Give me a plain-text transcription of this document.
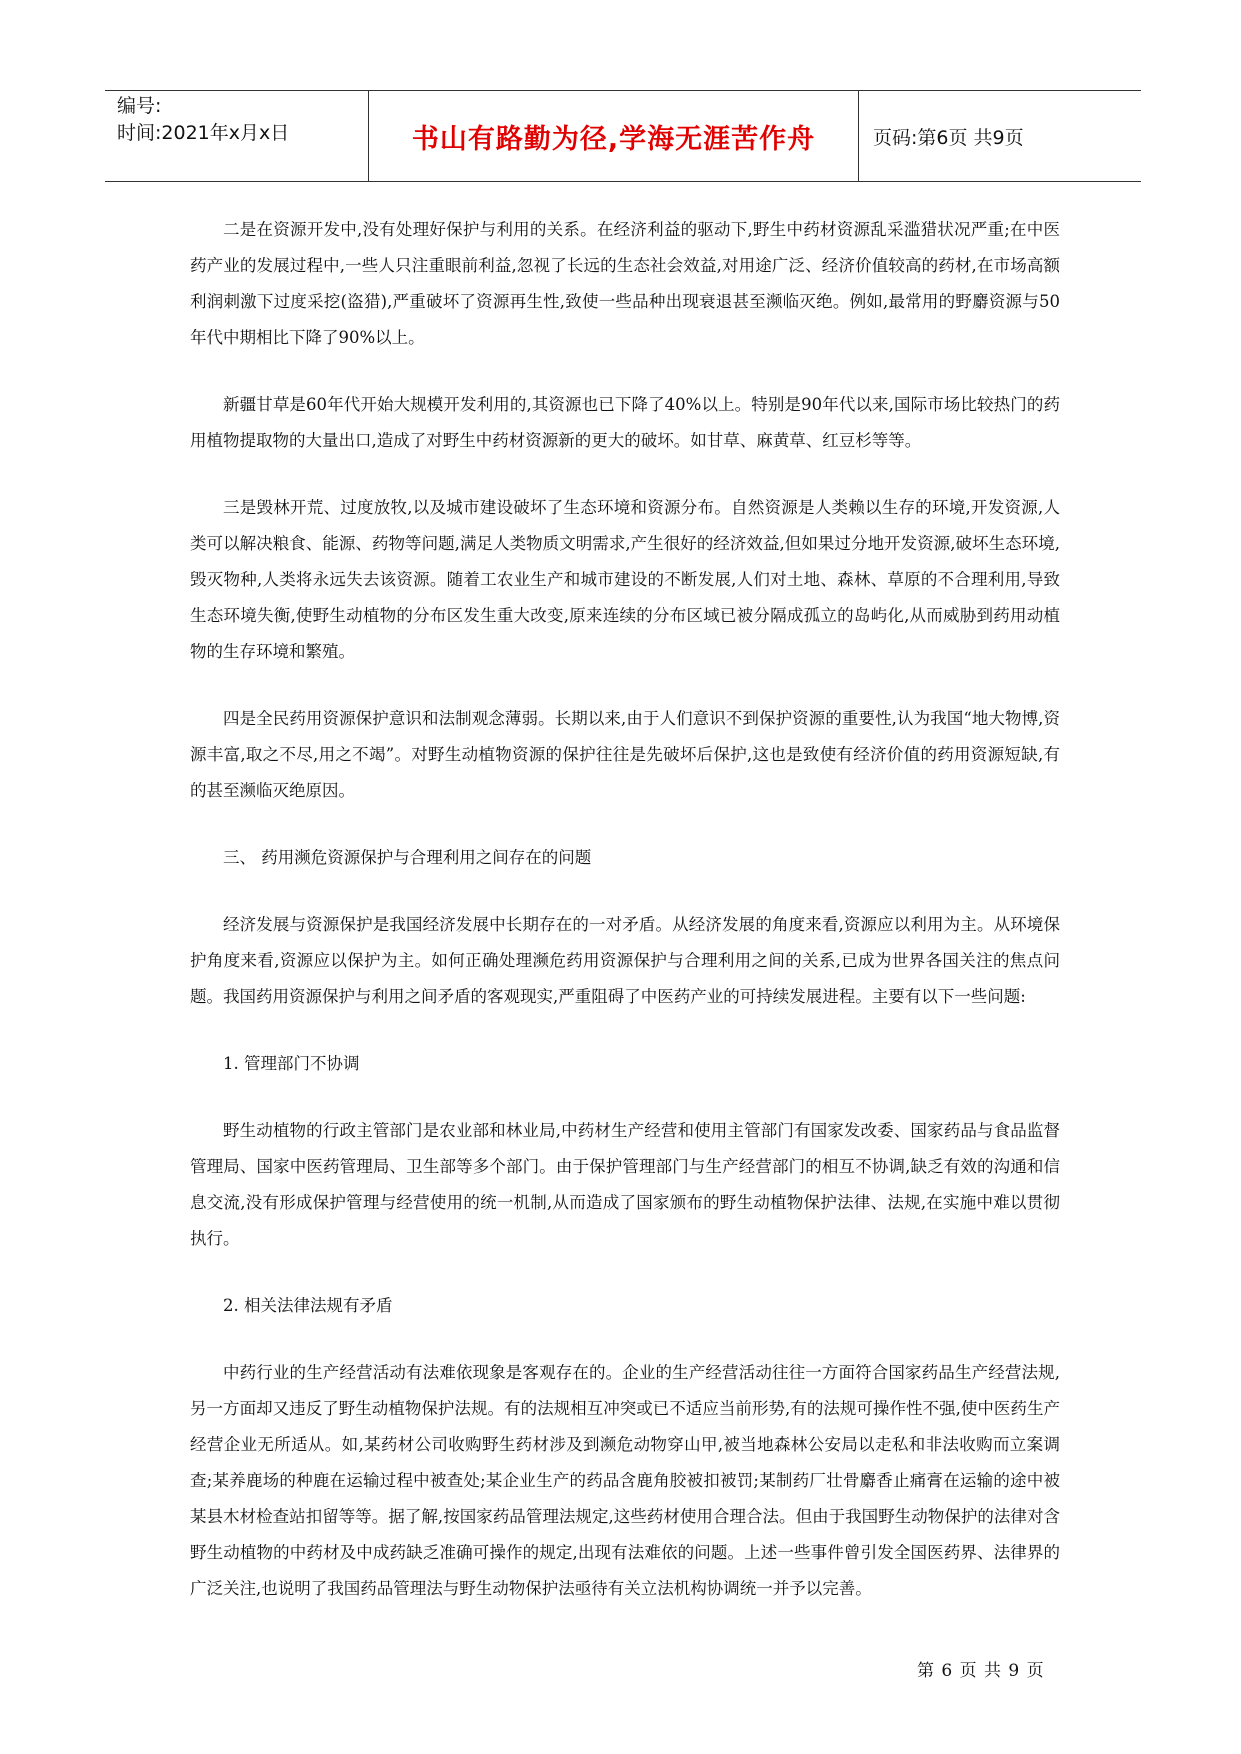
编号:
时间:2021年x月x日	书山有路勤为径,学海无涯苦作舟	页码:第6页 共9页

二是在资源开发中,没有处理好保护与利用的关系。在经济利益的驱动下,野生中药材资源乱采滥猎状况严重;在中医药产业的发展过程中,一些人只注重眼前利益,忽视了长远的生态社会效益,对用途广泛、经济价值较高的药材,在市场高额利润刺激下过度采挖(盗猎),严重破坏了资源再生性,致使一些品种出现衰退甚至濒临灭绝。例如,最常用的野麝资源与50年代中期相比下降了90%以上。

新疆甘草是60年代开始大规模开发利用的,其资源也已下降了40%以上。特别是90年代以来,国际市场比较热门的药用植物提取物的大量出口,造成了对野生中药材资源新的更大的破坏。如甘草、麻黄草、红豆杉等等。

三是毁林开荒、过度放牧,以及城市建设破坏了生态环境和资源分布。自然资源是人类赖以生存的环境,开发资源,人类可以解决粮食、能源、药物等问题,满足人类物质文明需求,产生很好的经济效益,但如果过分地开发资源,破坏生态环境,毁灭物种,人类将永远失去该资源。随着工农业生产和城市建设的不断发展,人们对土地、森林、草原的不合理利用,导致生态环境失衡,使野生动植物的分布区发生重大改变,原来连续的分布区域已被分隔成孤立的岛屿化,从而威胁到药用动植物的生存环境和繁殖。

四是全民药用资源保护意识和法制观念薄弱。长期以来,由于人们意识不到保护资源的重要性,认为我国“地大物博,资源丰富,取之不尽,用之不竭”。对野生动植物资源的保护往往是先破坏后保护,这也是致使有经济价值的药用资源短缺,有的甚至濒临灭绝原因。

三、 药用濒危资源保护与合理利用之间存在的问题

经济发展与资源保护是我国经济发展中长期存在的一对矛盾。从经济发展的角度来看,资源应以利用为主。从环境保护角度来看,资源应以保护为主。如何正确处理濒危药用资源保护与合理利用之间的关系,已成为世界各国关注的焦点问题。我国药用资源保护与利用之间矛盾的客观现实,严重阻碍了中医药产业的可持续发展进程。主要有以下一些问题:

1. 管理部门不协调

野生动植物的行政主管部门是农业部和林业局,中药材生产经营和使用主管部门有国家发改委、国家药品与食品监督管理局、国家中医药管理局、卫生部等多个部门。由于保护管理部门与生产经营部门的相互不协调,缺乏有效的沟通和信息交流,没有形成保护管理与经营使用的统一机制,从而造成了国家颁布的野生动植物保护法律、法规,在实施中难以贯彻执行。

2. 相关法律法规有矛盾

中药行业的生产经营活动有法难依现象是客观存在的。企业的生产经营活动往往一方面符合国家药品生产经营法规,另一方面却又违反了野生动植物保护法规。有的法规相互冲突或已不适应当前形势,有的法规可操作性不强,使中医药生产经营企业无所适从。如,某药材公司收购野生药材涉及到濒危动物穿山甲,被当地森林公安局以走私和非法收购而立案调查;某养鹿场的种鹿在运输过程中被查处;某企业生产的药品含鹿角胶被扣被罚;某制药厂壮骨麝香止痛膏在运输的途中被某县木材检查站扣留等等。据了解,按国家药品管理法规定,这些药材使用合理合法。但由于我国野生动物保护的法律对含野生动植物的中药材及中成药缺乏准确可操作的规定,出现有法难依的问题。上述一些事件曾引发全国医药界、法律界的广泛关注,也说明了我国药品管理法与野生动物保护法亟待有关立法机构协调统一并予以完善。

第 6 页 共 9 页
